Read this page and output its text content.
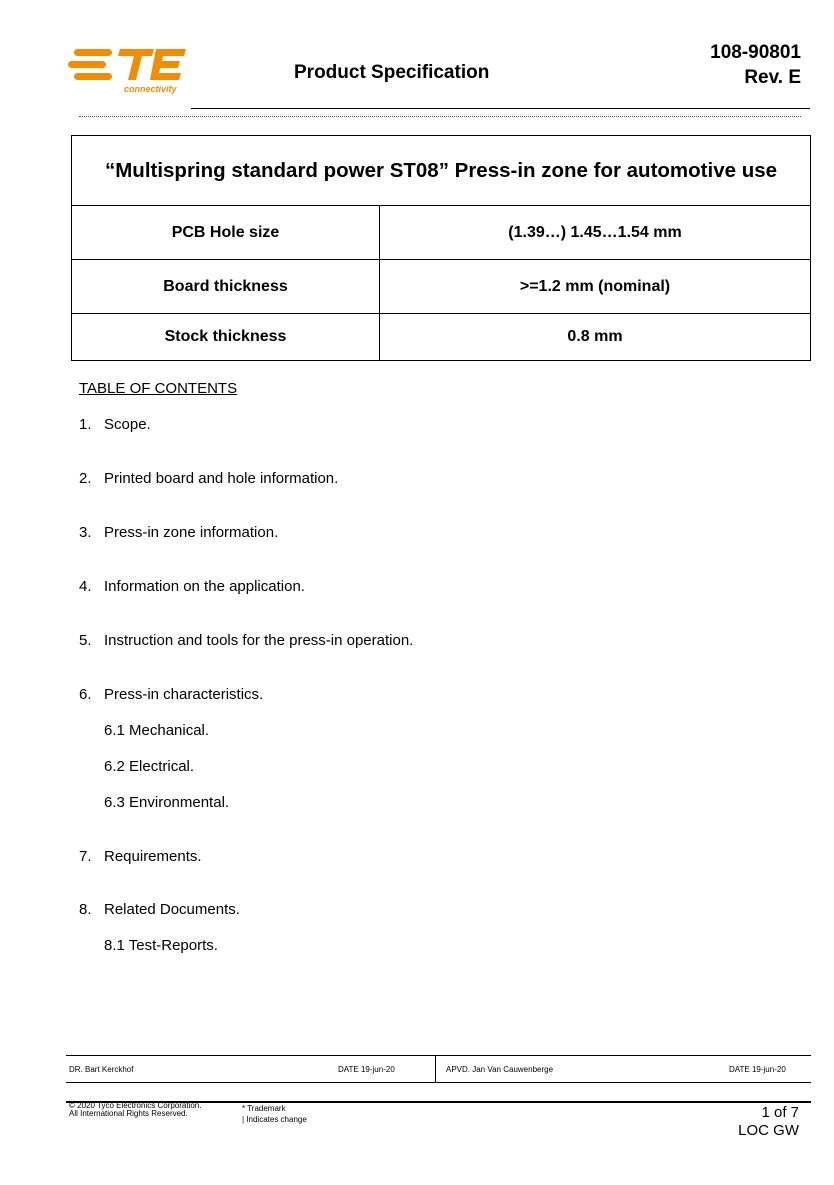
connectivity
Product Specification
108-90801
Rev. E
“Multispring standard power ST08” Press-in zone for automotive use	
PCB Hole size	(1.39…) 1.45…1.54 mm
Board thickness	>=1.2 mm (nominal)
Stock thickness	0.8 mm
TABLE OF CONTENTS
1. Scope.
2. Printed board and hole information.
3. Press-in zone information.
4. Information on the application.
5. Instruction and tools for the press-in operation.
6. Press-in characteristics.
6.1 Mechanical.
6.2 Electrical.
6.3 Environmental.
7. Requirements.
8. Related Documents.
8.1 Test-Reports.
DR. Bart Kerckhof	DATE 19-jun-20	APVD. Jan Van Cauwenberge	DATE 19-jun-20
© 2020 Tyco Electronics Corporation.
All International Rights Reserved.
* Trademark
| Indicates change	1 of 7
LOC GW
